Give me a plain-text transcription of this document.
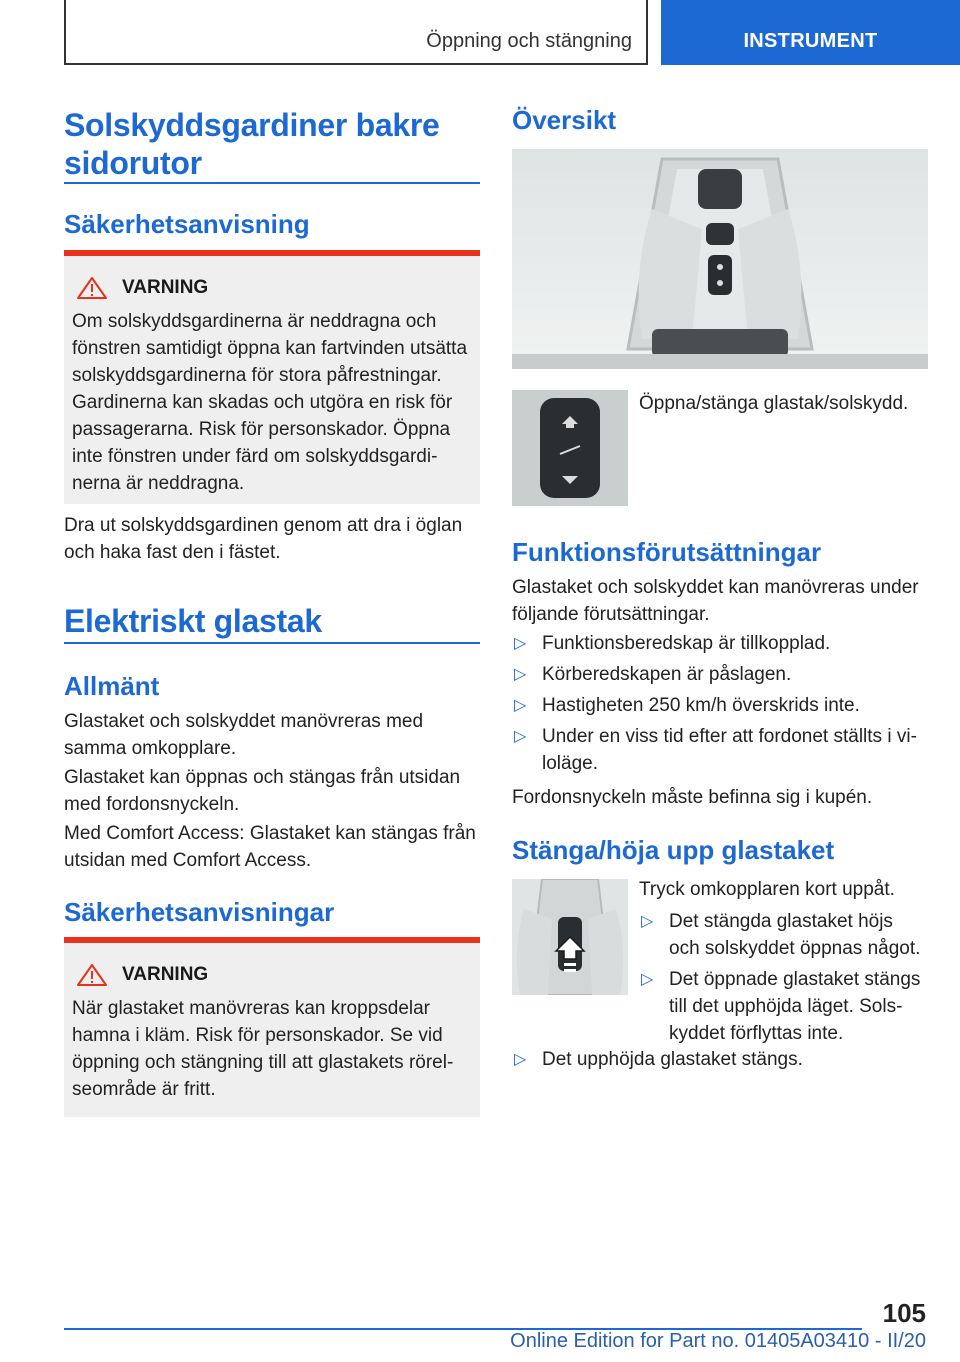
Öppning och stängning	INSTRUMENT
Solskyddsgardiner bakre sidorutor
Säkerhetsanvisning
VARNING
Om solskyddsgardinerna är neddragna och fönstren samtidigt öppna kan fartvinden utsätta solskyddsgardinerna för stora påfrestningar. Gardinerna kan skadas och utgöra en risk för passagerarna. Risk för personskador. Öppna inte fönstren under färd om solskyddsgardinerna är neddragna.
Dra ut solskyddsgardinen genom att dra i öglan och haka fast den i fästet.
Elektriskt glastak
Allmänt
Glastaket och solskyddet manövreras med samma omkopplare.
Glastaket kan öppnas och stängas från utsidan med fordonsnyckeln.
Med Comfort Access: Glastaket kan stängas från utsidan med Comfort Access.
Säkerhetsanvisningar
VARNING
När glastaket manövreras kan kroppsdelar hamna i kläm. Risk för personskador. Se vid öppning och stängning till att glastakets rörelseområde är fritt.
Översikt
Öppna/stänga glastak/solskydd.
Funktionsförutsättningar
Glastaket och solskyddet kan manövreras under följande förutsättningar.
▷ Funktionsberedskap är tillkopplad.
▷ Körberedskapen är påslagen.
▷ Hastigheten 250 km/h överskrids inte.
▷ Under en viss tid efter att fordonet ställts i viloläge.
Fordonsnyckeln måste befinna sig i kupén.
Stänga/höja upp glastaket
Tryck omkopplaren kort uppåt.
▷ Det stängda glastaket höjs och solskyddet öppnas något.
▷ Det öppnade glastaket stängs till det upphöjda läget. Solskyddet förflyttas inte.
▷ Det upphöjda glastaket stängs.
105
Online Edition for Part no. 01405A03410 - II/20
